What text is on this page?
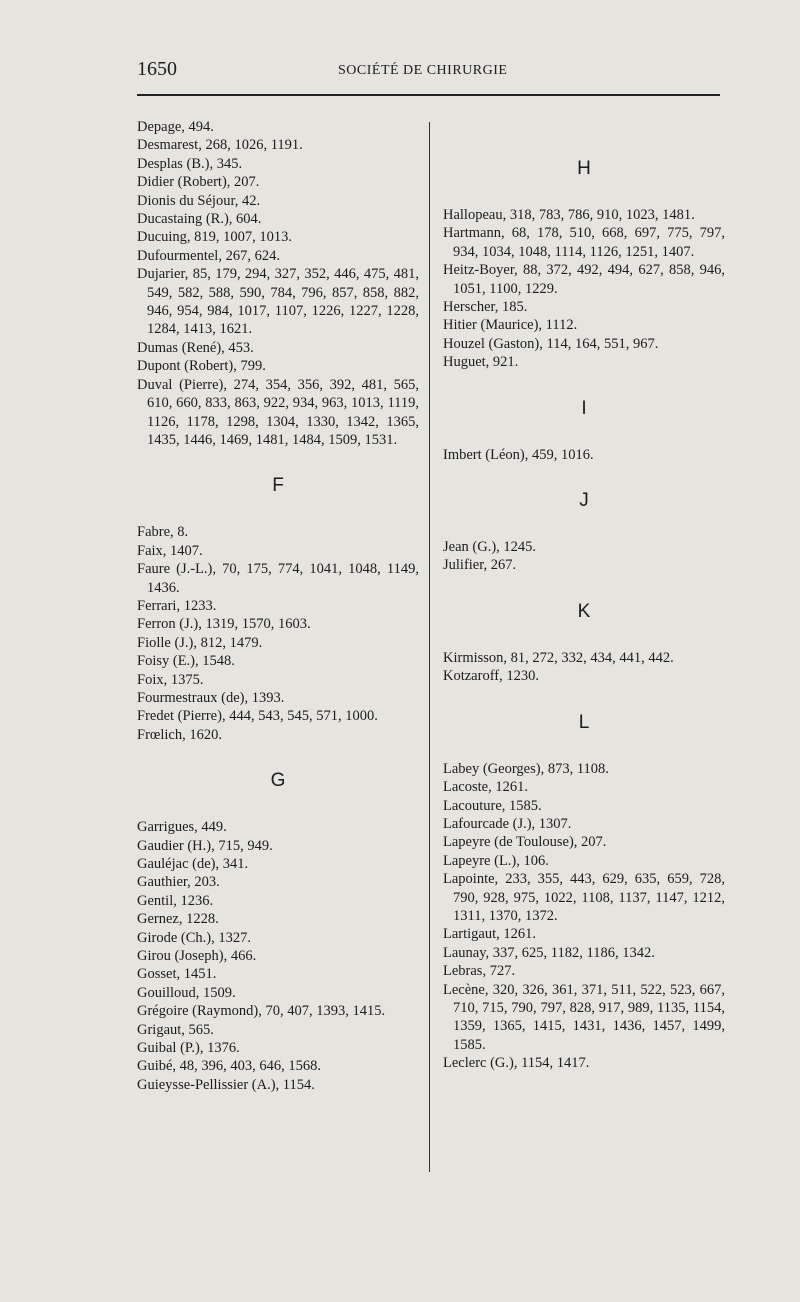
1650	SOCIÉTÉ DE CHIRURGIE
Depage, 494.
Desmarest, 268, 1026, 1191.
Desplas (B.), 345.
Didier (Robert), 207.
Dionis du Séjour, 42.
Ducastaing (R.), 604.
Ducuing, 819, 1007, 1013.
Dufourmentel, 267, 624.
Dujarier, 85, 179, 294, 327, 352, 446, 475, 481, 549, 582, 588, 590, 784, 796, 857, 858, 882, 946, 954, 984, 1017, 1107, 1226, 1227, 1228, 1284, 1413, 1621.
Dumas (René), 453.
Dupont (Robert), 799.
Duval (Pierre), 274, 354, 356, 392, 481, 565, 610, 660, 833, 863, 922, 934, 963, 1013, 1119, 1126, 1178, 1298, 1304, 1330, 1342, 1365, 1435, 1446, 1469, 1481, 1484, 1509, 1531.
F
Fabre, 8.
Faix, 1407.
Faure (J.-L.), 70, 175, 774, 1041, 1048, 1149, 1436.
Ferrari, 1233.
Ferron (J.), 1319, 1570, 1603.
Fiolle (J.), 812, 1479.
Foisy (E.), 1548.
Foix, 1375.
Fourmestraux (de), 1393.
Fredet (Pierre), 444, 543, 545, 571, 1000.
Frœlich, 1620.
G
Garrigues, 449.
Gaudier (H.), 715, 949.
Gauléjac (de), 341.
Gauthier, 203.
Gentil, 1236.
Gernez, 1228.
Girode (Ch.), 1327.
Girou (Joseph), 466.
Gosset, 1451.
Gouilloud, 1509.
Grégoire (Raymond), 70, 407, 1393, 1415.
Grigaut, 565.
Guibal (P.), 1376.
Guibé, 48, 396, 403, 646, 1568.
Guieysse-Pellissier (A.), 1154.
H
Hallopeau, 318, 783, 786, 910, 1023, 1481.
Hartmann, 68, 178, 510, 668, 697, 775, 797, 934, 1034, 1048, 1114, 1126, 1251, 1407.
Heitz-Boyer, 88, 372, 492, 494, 627, 858, 946, 1051, 1100, 1229.
Herscher, 185.
Hitier (Maurice), 1112.
Houzel (Gaston), 114, 164, 551, 967.
Huguet, 921.
I
Imbert (Léon), 459, 1016.
J
Jean (G.), 1245.
Julifier, 267.
K
Kirmisson, 81, 272, 332, 434, 441, 442.
Kotzaroff, 1230.
L
Labey (Georges), 873, 1108.
Lacoste, 1261.
Lacouture, 1585.
Lafourcade (J.), 1307.
Lapeyre (de Toulouse), 207.
Lapeyre (L.), 106.
Lapointe, 233, 355, 443, 629, 635, 659, 728, 790, 928, 975, 1022, 1108, 1137, 1147, 1212, 1311, 1370, 1372.
Lartigaut, 1261.
Launay, 337, 625, 1182, 1186, 1342.
Lebras, 727.
Lecène, 320, 326, 361, 371, 511, 522, 523, 667, 710, 715, 790, 797, 828, 917, 989, 1135, 1154, 1359, 1365, 1415, 1431, 1436, 1457, 1499, 1585.
Leclerc (G.), 1154, 1417.
